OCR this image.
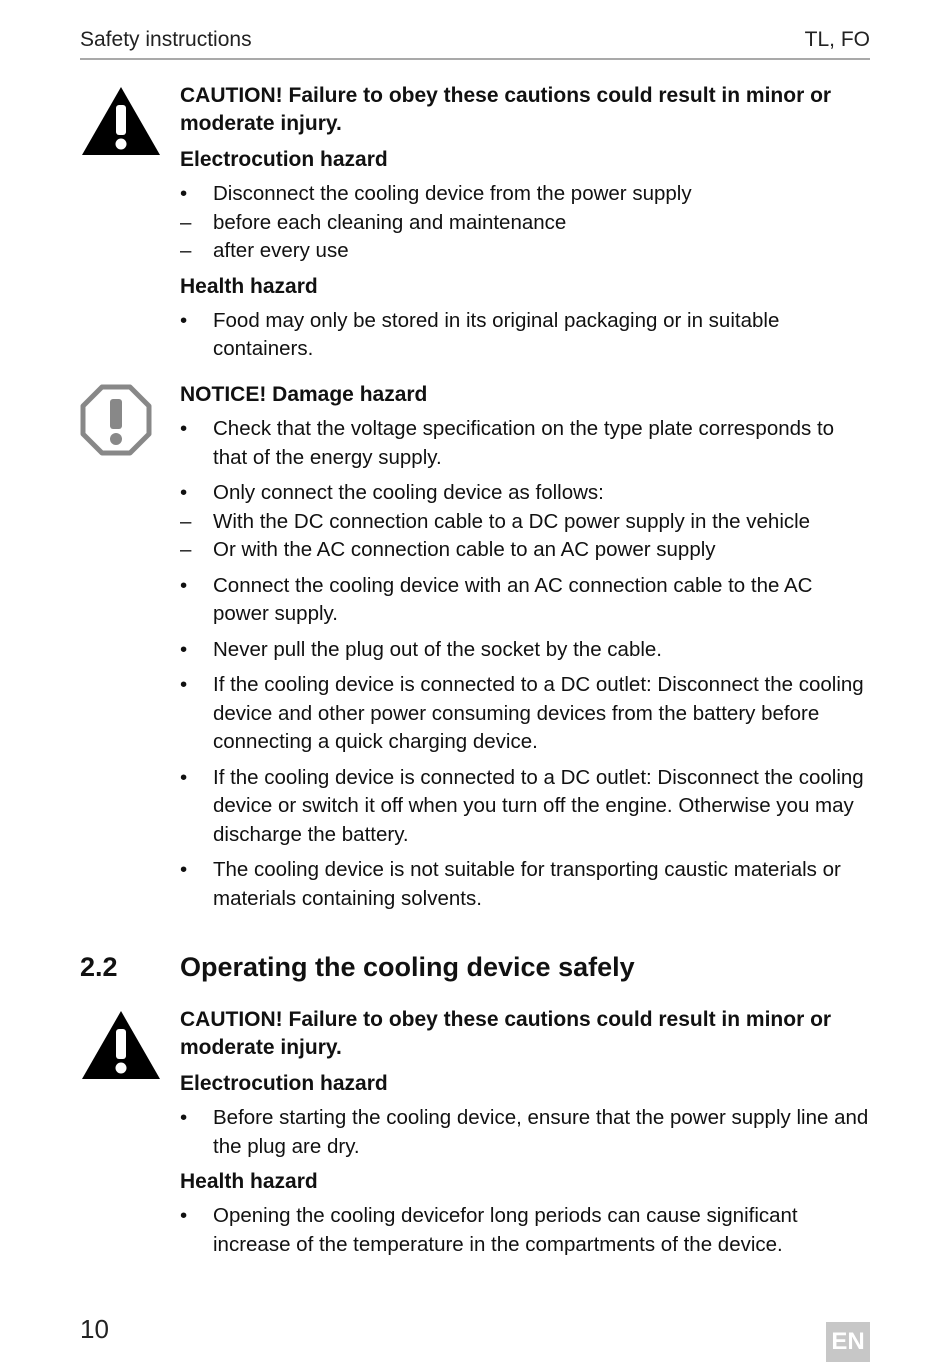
Safety instructions	TL, FO
CAUTION! Failure to obey these cautions could result in minor or moderate injury.
Electrocution hazard
• Disconnect the cooling device from the power supply
– before each cleaning and maintenance
– after every use
Health hazard
• Food may only be stored in its original packaging or in suitable containers.
NOTICE! Damage hazard
• Check that the voltage specification on the type plate corresponds to that of the energy supply.
• Only connect the cooling device as follows:
– With the DC connection cable to a DC power supply in the vehicle
– Or with the AC connection cable to an AC power supply
• Connect the cooling device with an AC connection cable to the AC power supply.
• Never pull the plug out of the socket by the cable.
• If the cooling device is connected to a DC outlet: Disconnect the cooling device and other power consuming devices from the battery before connecting a quick charging device.
• If the cooling device is connected to a DC outlet: Disconnect the cooling device or switch it off when you turn off the engine. Otherwise you may discharge the battery.
• The cooling device is not suitable for transporting caustic materials or materials containing solvents.
2.2 Operating the cooling device safely
CAUTION! Failure to obey these cautions could result in minor or moderate injury.
Electrocution hazard
• Before starting the cooling device, ensure that the power supply line and the plug are dry.
Health hazard
• Opening the cooling devicefor long periods can cause significant increase of the temperature in the compartments of the device.
10	EN
